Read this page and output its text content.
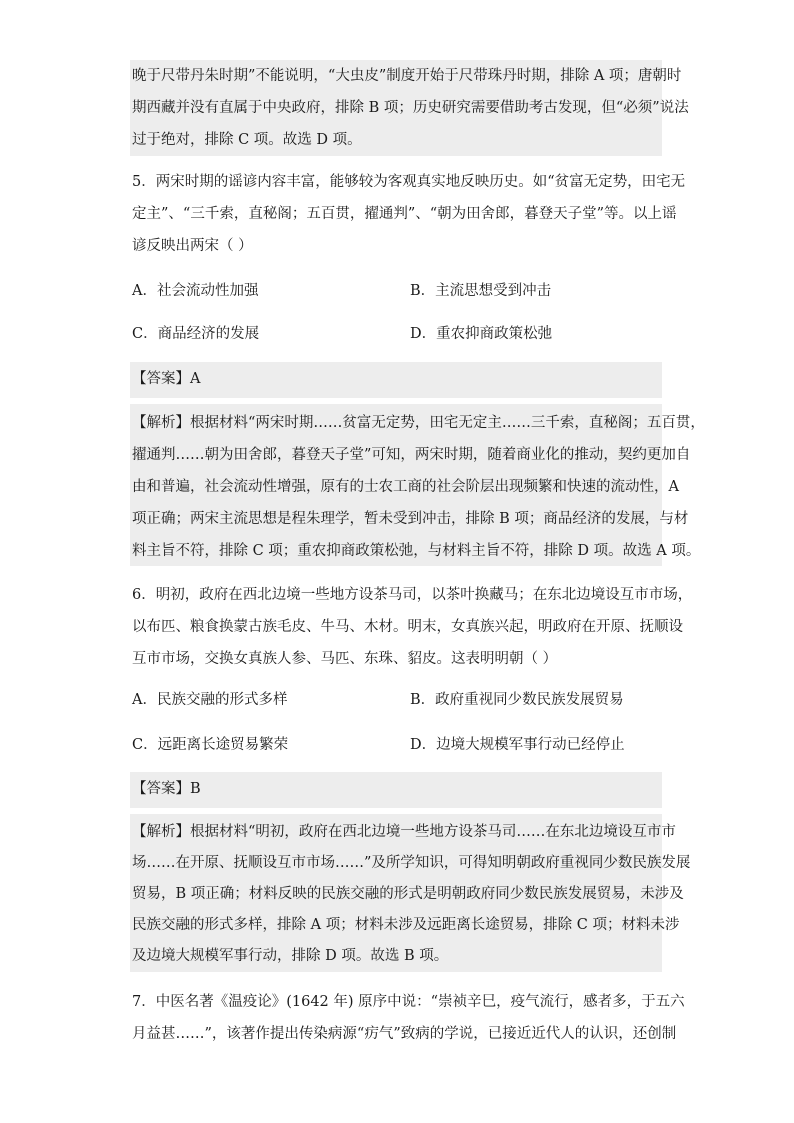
晚于尺带丹朱时期”不能说明，“大虫皮”制度开始于尺带珠丹时期，排除 A 项；唐朝时
期西藏并没有直属于中央政府，排除 B 项；历史研究需要借助考古发现，但“必须”说法
过于绝对，排除 C 项。故选 D 项。
5．两宋时期的谣谚内容丰富，能够较为客观真实地反映历史。如“贫富无定势，田宅无
定主”、“三千索，直秘阁；五百贯，擢通判”、“朝为田舍郎，暮登天子堂”等。以上谣
谚反映出两宋（ ）
A．社会流动性加强	B．主流思想受到冲击
C．商品经济的发展	D．重农抑商政策松弛
【答案】A
【解析】根据材料“两宋时期……贫富无定势，田宅无定主……三千索，直秘阁；五百贯，
擢通判……朝为田舍郎，暮登天子堂”可知，两宋时期，随着商业化的推动，契约更加自
由和普遍，社会流动性增强，原有的士农工商的社会阶层出现频繁和快速的流动性，A
项正确；两宋主流思想是程朱理学，暂未受到冲击，排除 B 项；商品经济的发展，与材
料主旨不符，排除 C 项；重农抑商政策松弛，与材料主旨不符，排除 D 项。故选 A 项。
6．明初，政府在西北边境一些地方设茶马司，以茶叶换藏马；在东北边境设互市市场，
以布匹、粮食换蒙古族毛皮、牛马、木材。明末，女真族兴起，明政府在开原、抚顺设
互市市场，交换女真族人参、马匹、东珠、貂皮。这表明明朝（ ）
A．民族交融的形式多样	B．政府重视同少数民族发展贸易
C．远距离长途贸易繁荣	D．边境大规模军事行动已经停止
【答案】B
【解析】根据材料“明初，政府在西北边境一些地方设茶马司……在东北边境设互市市
场……在开原、抚顺设互市市场……”及所学知识，可得知明朝政府重视同少数民族发展
贸易，B 项正确；材料反映的民族交融的形式是明朝政府同少数民族发展贸易，未涉及
民族交融的形式多样，排除 A 项；材料未涉及远距离长途贸易，排除 C 项；材料未涉
及边境大规模军事行动，排除 D 项。故选 B 项。
7．中医名著《温疫论》(1642 年) 原序中说：“崇祯辛巳，疫气流行，感者多，于五六
月益甚……”，该著作提出传染病源“疠气”致病的学说，已接近近代人的认识，还创制
